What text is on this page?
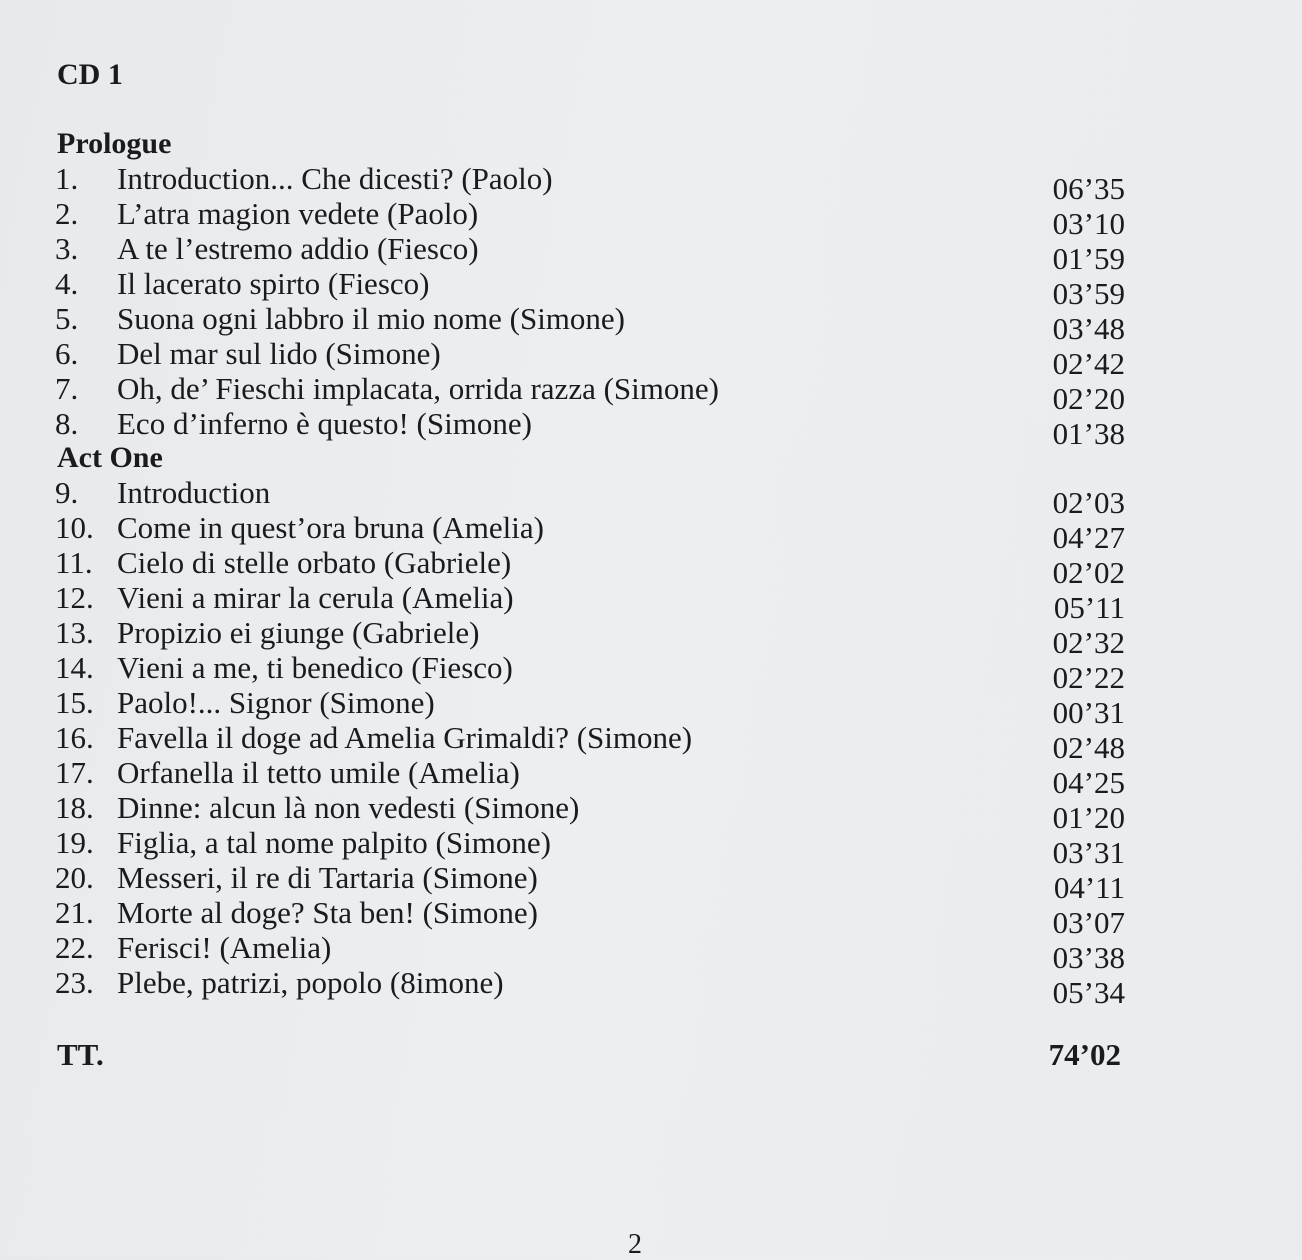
CD 1
Prologue
1.	Introduction... Che dicesti? (Paolo)	06’35
2.	L’atra magion vedete (Paolo)	03’10
3.	A te l’estremo addio (Fiesco)	01’59
4.	Il lacerato spirto (Fiesco)	03’59
5.	Suona ogni labbro il mio nome (Simone)	03’48
6.	Del mar sul lido (Simone)	02’42
7.	Oh, de’ Fieschi implacata, orrida razza (Simone)	02’20
8.	Eco d’inferno è questo! (Simone)	01’38
Act One
9.	Introduction	02’03
10. Come in quest’ora bruna (Amelia)	04’27
11. Cielo di stelle orbato (Gabriele)	02’02
12. Vieni a mirar la cerula (Amelia)	05’11
13. Propizio ei giunge (Gabriele)	02’32
14. Vieni a me, ti benedico (Fiesco)	02’22
15. Paolo!... Signor (Simone)	00’31
16. Favella il doge ad Amelia Grimaldi? (Simone)	02’48
17. Orfanella il tetto umile (Amelia)	04’25
18. Dinne: alcun là non vedesti (Simone)	01’20
19. Figlia, a tal nome palpito (Simone)	03’31
20. Messeri, il re di Tartaria (Simone)	04’11
21. Morte al doge? Sta ben! (Simone)	03’07
22. Ferisci! (Amelia)	03’38
23. Plebe, patrizi, popolo (8imone)	05’34
TT.	74’02
2
